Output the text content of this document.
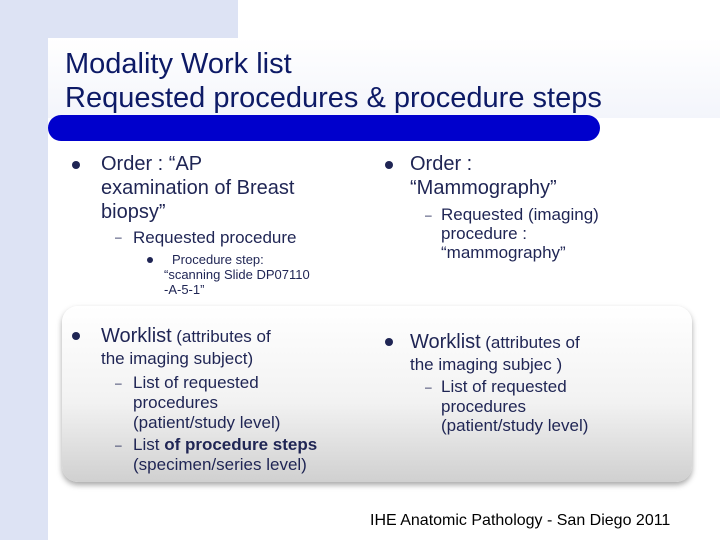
Modality Work list
Requested procedures & procedure steps
Order : “AP
examination of Breast
biopsy”
– Requested procedure
Procedure step:
“scanning Slide DP07110
-A-5-1”
Worklist (attributes of
the imaging subject)
– List of requested
procedures
(patient/study level)
– List of procedure steps
(specimen/series level)
Order :
“Mammography”
– Requested (imaging)
procedure :
“mammography”
Worklist (attributes of
the imaging subjec )
– List of requested
procedures
(patient/study level)
IHE Anatomic Pathology - San Diego 2011
